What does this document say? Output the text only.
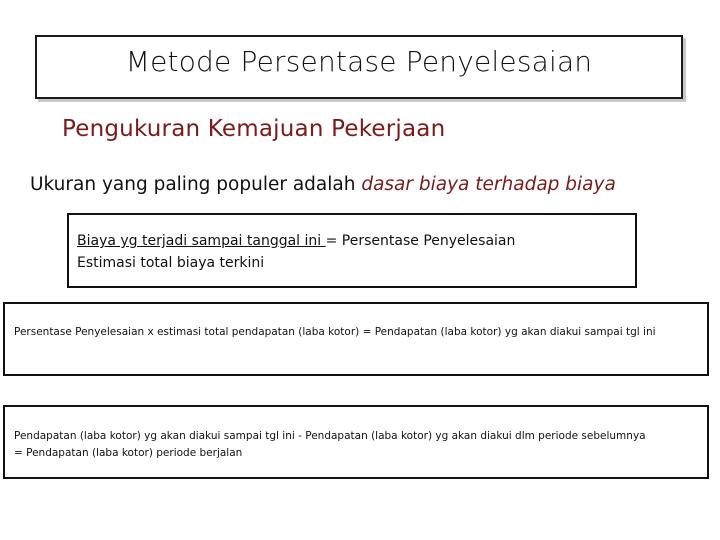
Metode Persentase Penyelesaian
Pengukuran Kemajuan Pekerjaan
Ukuran yang paling populer adalah dasar biaya terhadap biaya
Biaya yg terjadi sampai tanggal ini = Persentase Penyelesaian
Estimasi total biaya terkini
Persentase Penyelesaian x estimasi total pendapatan (laba kotor) = Pendapatan (laba kotor) yg akan diakui sampai tgl ini
Pendapatan (laba kotor) yg akan diakui sampai tgl ini - Pendapatan (laba kotor) yg akan diakui dlm periode sebelumnya
= Pendapatan (laba kotor) periode berjalan
